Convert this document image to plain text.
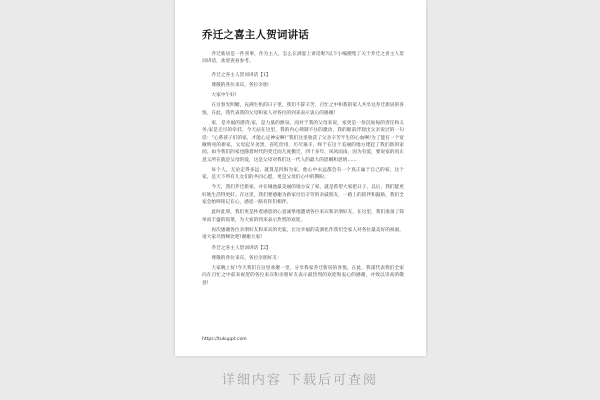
乔迁之喜主人贺词讲话

乔迁新居是一件喜事，作为主人，怎么在酒宴上讲话呢?以下小编搜集了关于乔迁之喜主人贺词讲话，欢迎查看参考。

乔迁之喜主人贺词讲话【1】

尊敬的各位来宾，各位亲朋：

大家中午好!

在这春光明媚，充满生机的日子里，我们不辞辛苦，百忙之中和我的家人共享这乔迁新居的喜悦。在此，我代表我的父母和家人对各位的到来表示衷心的感谢!

家，是幸福的港湾;家，是力量的源泉。而对于我的父母来说，家更是一份沉甸甸的责任和义务;家是无尽的牵挂。今天站在这里，我的内心抑制不住的激动，我的眼前浮现出父亲说过的一句话：“心系孩子们的家，才能心定神安啊!”我们这里收获了父亲辛苦半生的心血啊!为了能有一个宽敞明亮的新家，父母起早贪黑，省吃俭用，历尽艰辛，终于在这个美丽的地方建起了我们新的家园。如今我们的家也随着时代的变迁而几度搬迁，四十多年，风风雨雨，因为有爱，要说家的真正意义所在就是父母的爱，这是父母对我们这一代人的最大的恩赐和恩情……

每个人，无论走得多远，就算是四海为家，他心中永远都会有一个真正属于自己的家，这个家，是天下所有儿女们的共同心愿，更是父母们心中的期盼。

今天，我们乔迁新家，并在城池最美丽的地方安了家，就是希望大家把日子，以后，我们能更好地生活得更好。在这里，我们要感谢为新家付出辛劳的亲戚朋友，一路上的陪伴和鼓励，我们全家会始终铭记在心，感恩一路有你们相伴。

此时此刻，我们更是怀着感恩的心意诚挚地邀请各位来宾和亲朋好友，在这里，我们准备了简单而丰盛的饭菜，为大家的到来表示热烈的欢迎。

再次感谢各位亲朋好友和来宾的光临，让这幸福的美酒化作我们全家人对各位最美好的祝福，请大家尽情畅饮吧!谢谢大家!

乔迁之喜主人贺词讲话【2】

尊敬的各位来宾，各位亲朋好友：

大家晚上好!今天我们在这里欢聚一堂，分享我家乔迁新居的喜悦。在此，我谨代表我们全家向在百忙之中前来祝贺的各位来宾和亲朋好友表示最热烈的欢迎和衷心的感谢，并致以崇高的敬意!

https://tukuppt.com
详细内容 下载后可查阅
